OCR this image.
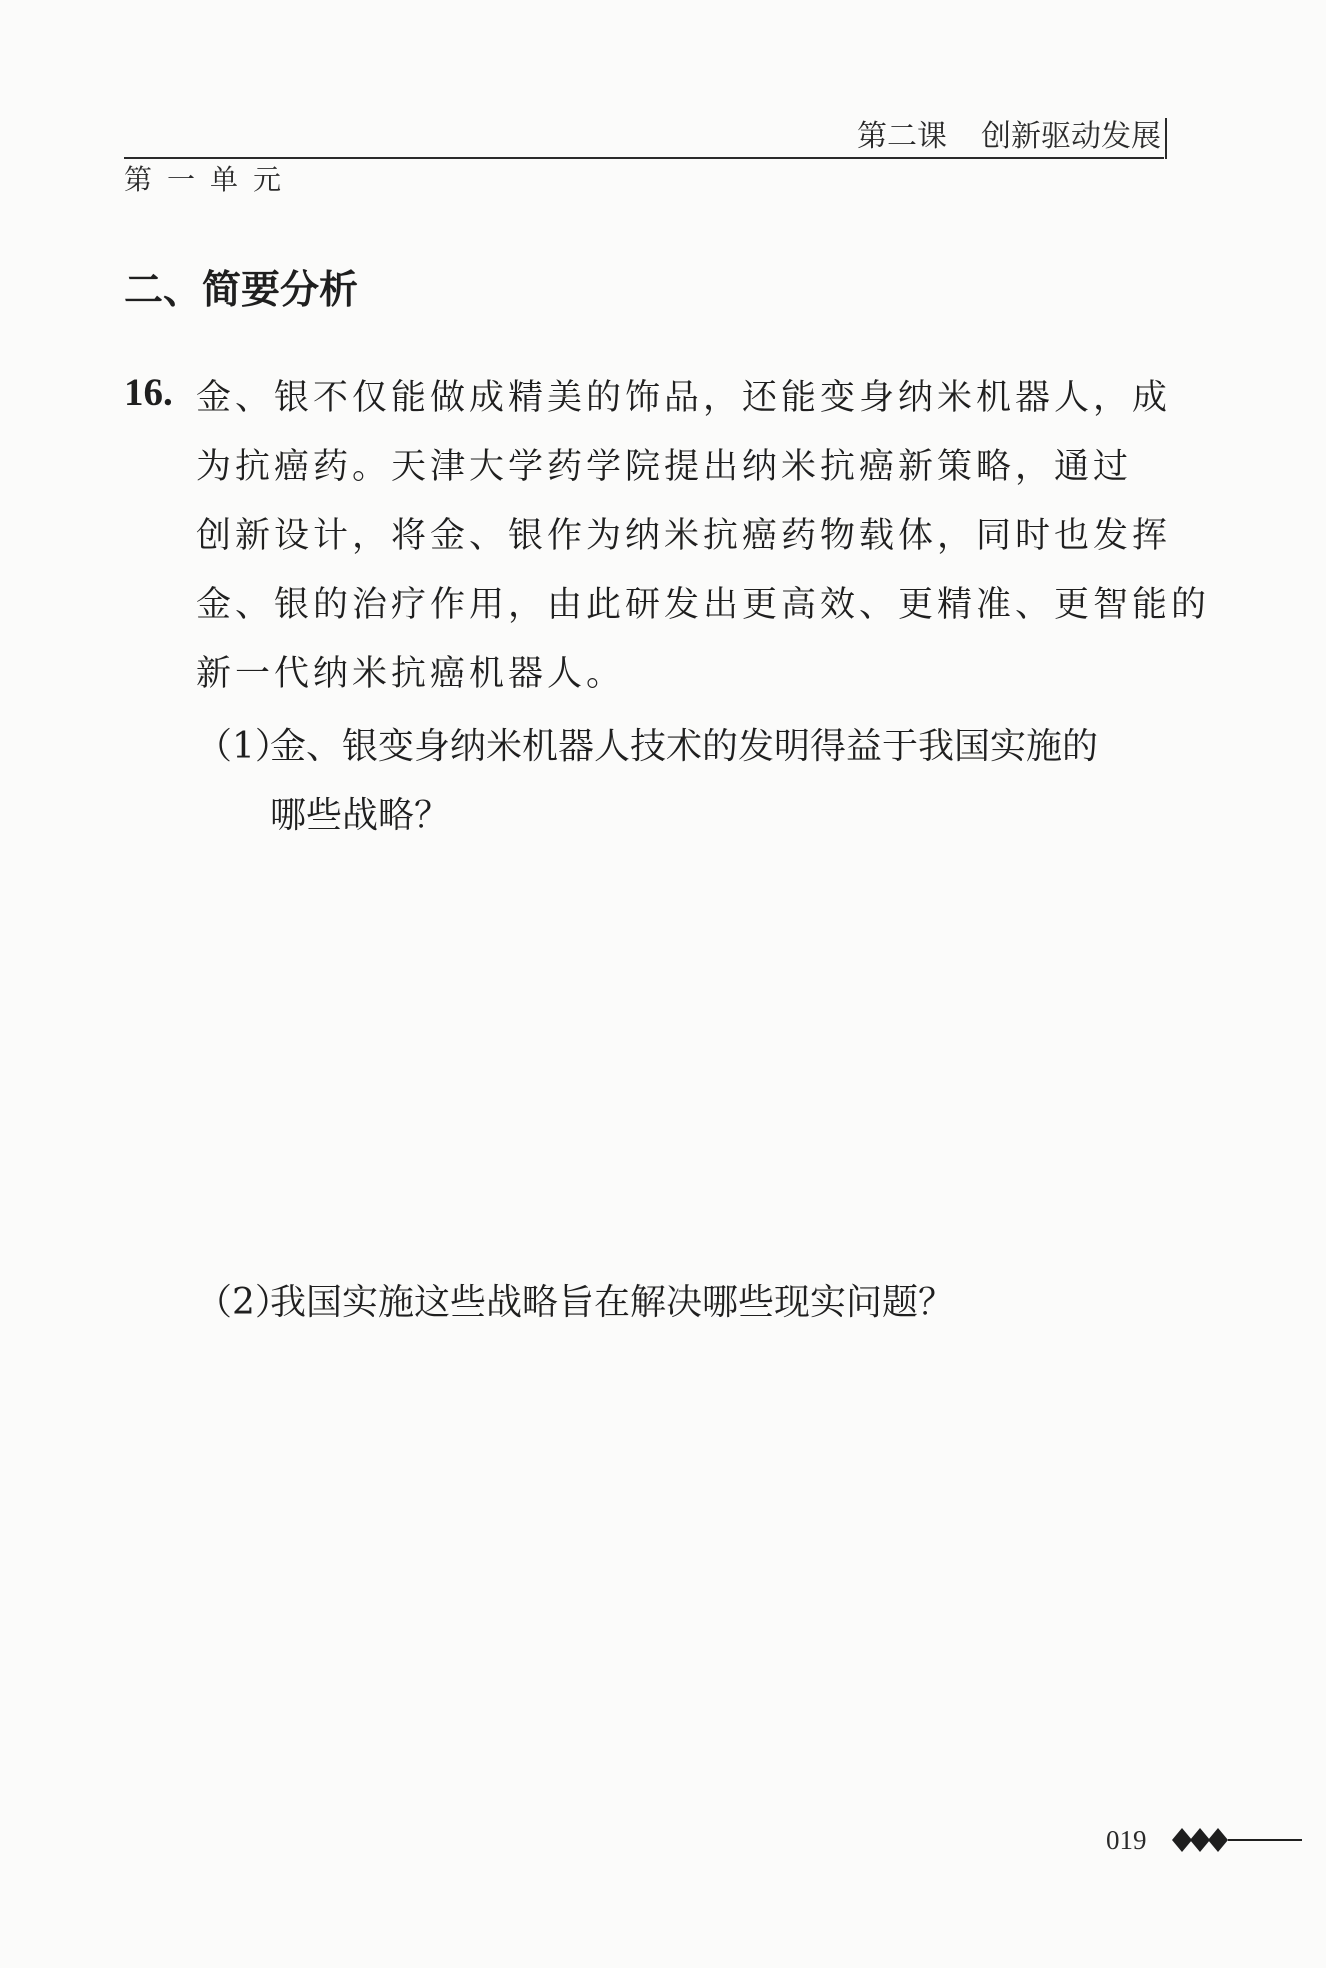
第二课 创新驱动发展
第一单元
二、简要分析
16. 金、银不仅能做成精美的饰品，还能变身纳米机器人，成
为抗癌药。天津大学药学院提出纳米抗癌新策略，通过
创新设计，将金、银作为纳米抗癌药物载体，同时也发挥
金、银的治疗作用，由此研发出更高效、更精准、更智能的
新一代纳米抗癌机器人。
（1）金、银变身纳米机器人技术的发明得益于我国实施的
哪些战略？
（2）我国实施这些战略旨在解决哪些现实问题？
019
